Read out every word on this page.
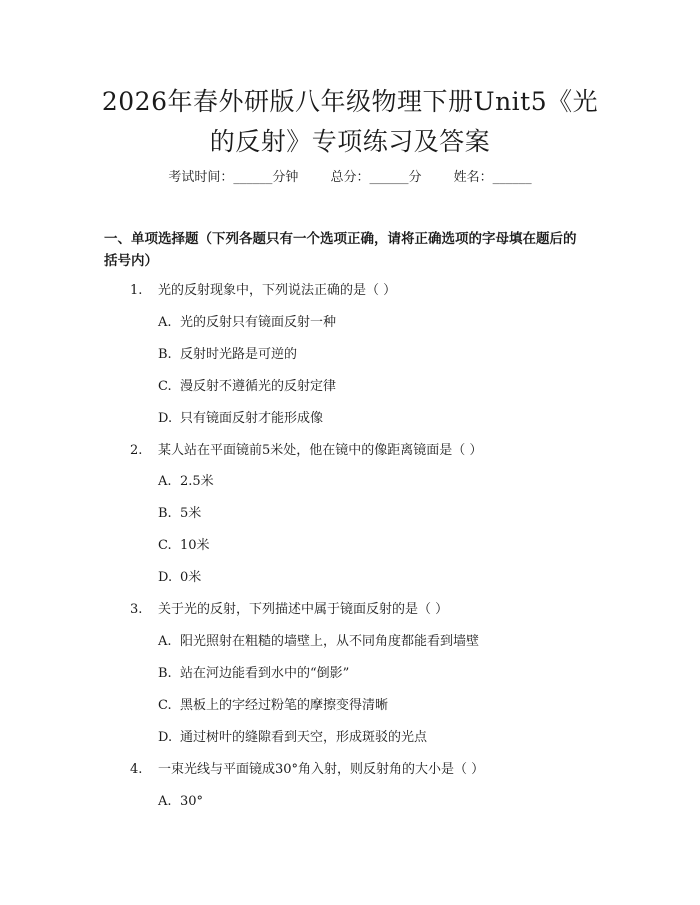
2026年春外研版八年级物理下册Unit5《光
的反射》专项练习及答案
考试时间：______分钟 总分：______分 姓名：______
一、单项选择题（下列各题只有一个选项正确，请将正确选项的字母填在题后的
括号内）
1. 光的反射现象中，下列说法正确的是（ ）
A. 光的反射只有镜面反射一种
B. 反射时光路是可逆的
C. 漫反射不遵循光的反射定律
D. 只有镜面反射才能形成像
2. 某人站在平面镜前5米处，他在镜中的像距离镜面是（ ）
A. 2.5米
B. 5米
C. 10米
D. 0米
3. 关于光的反射，下列描述中属于镜面反射的是（ ）
A. 阳光照射在粗糙的墙壁上，从不同角度都能看到墙壁
B. 站在河边能看到水中的“倒影”
C. 黑板上的字经过粉笔的摩擦变得清晰
D. 通过树叶的缝隙看到天空，形成斑驳的光点
4. 一束光线与平面镜成30°角入射，则反射角的大小是（ ）
A. 30°
